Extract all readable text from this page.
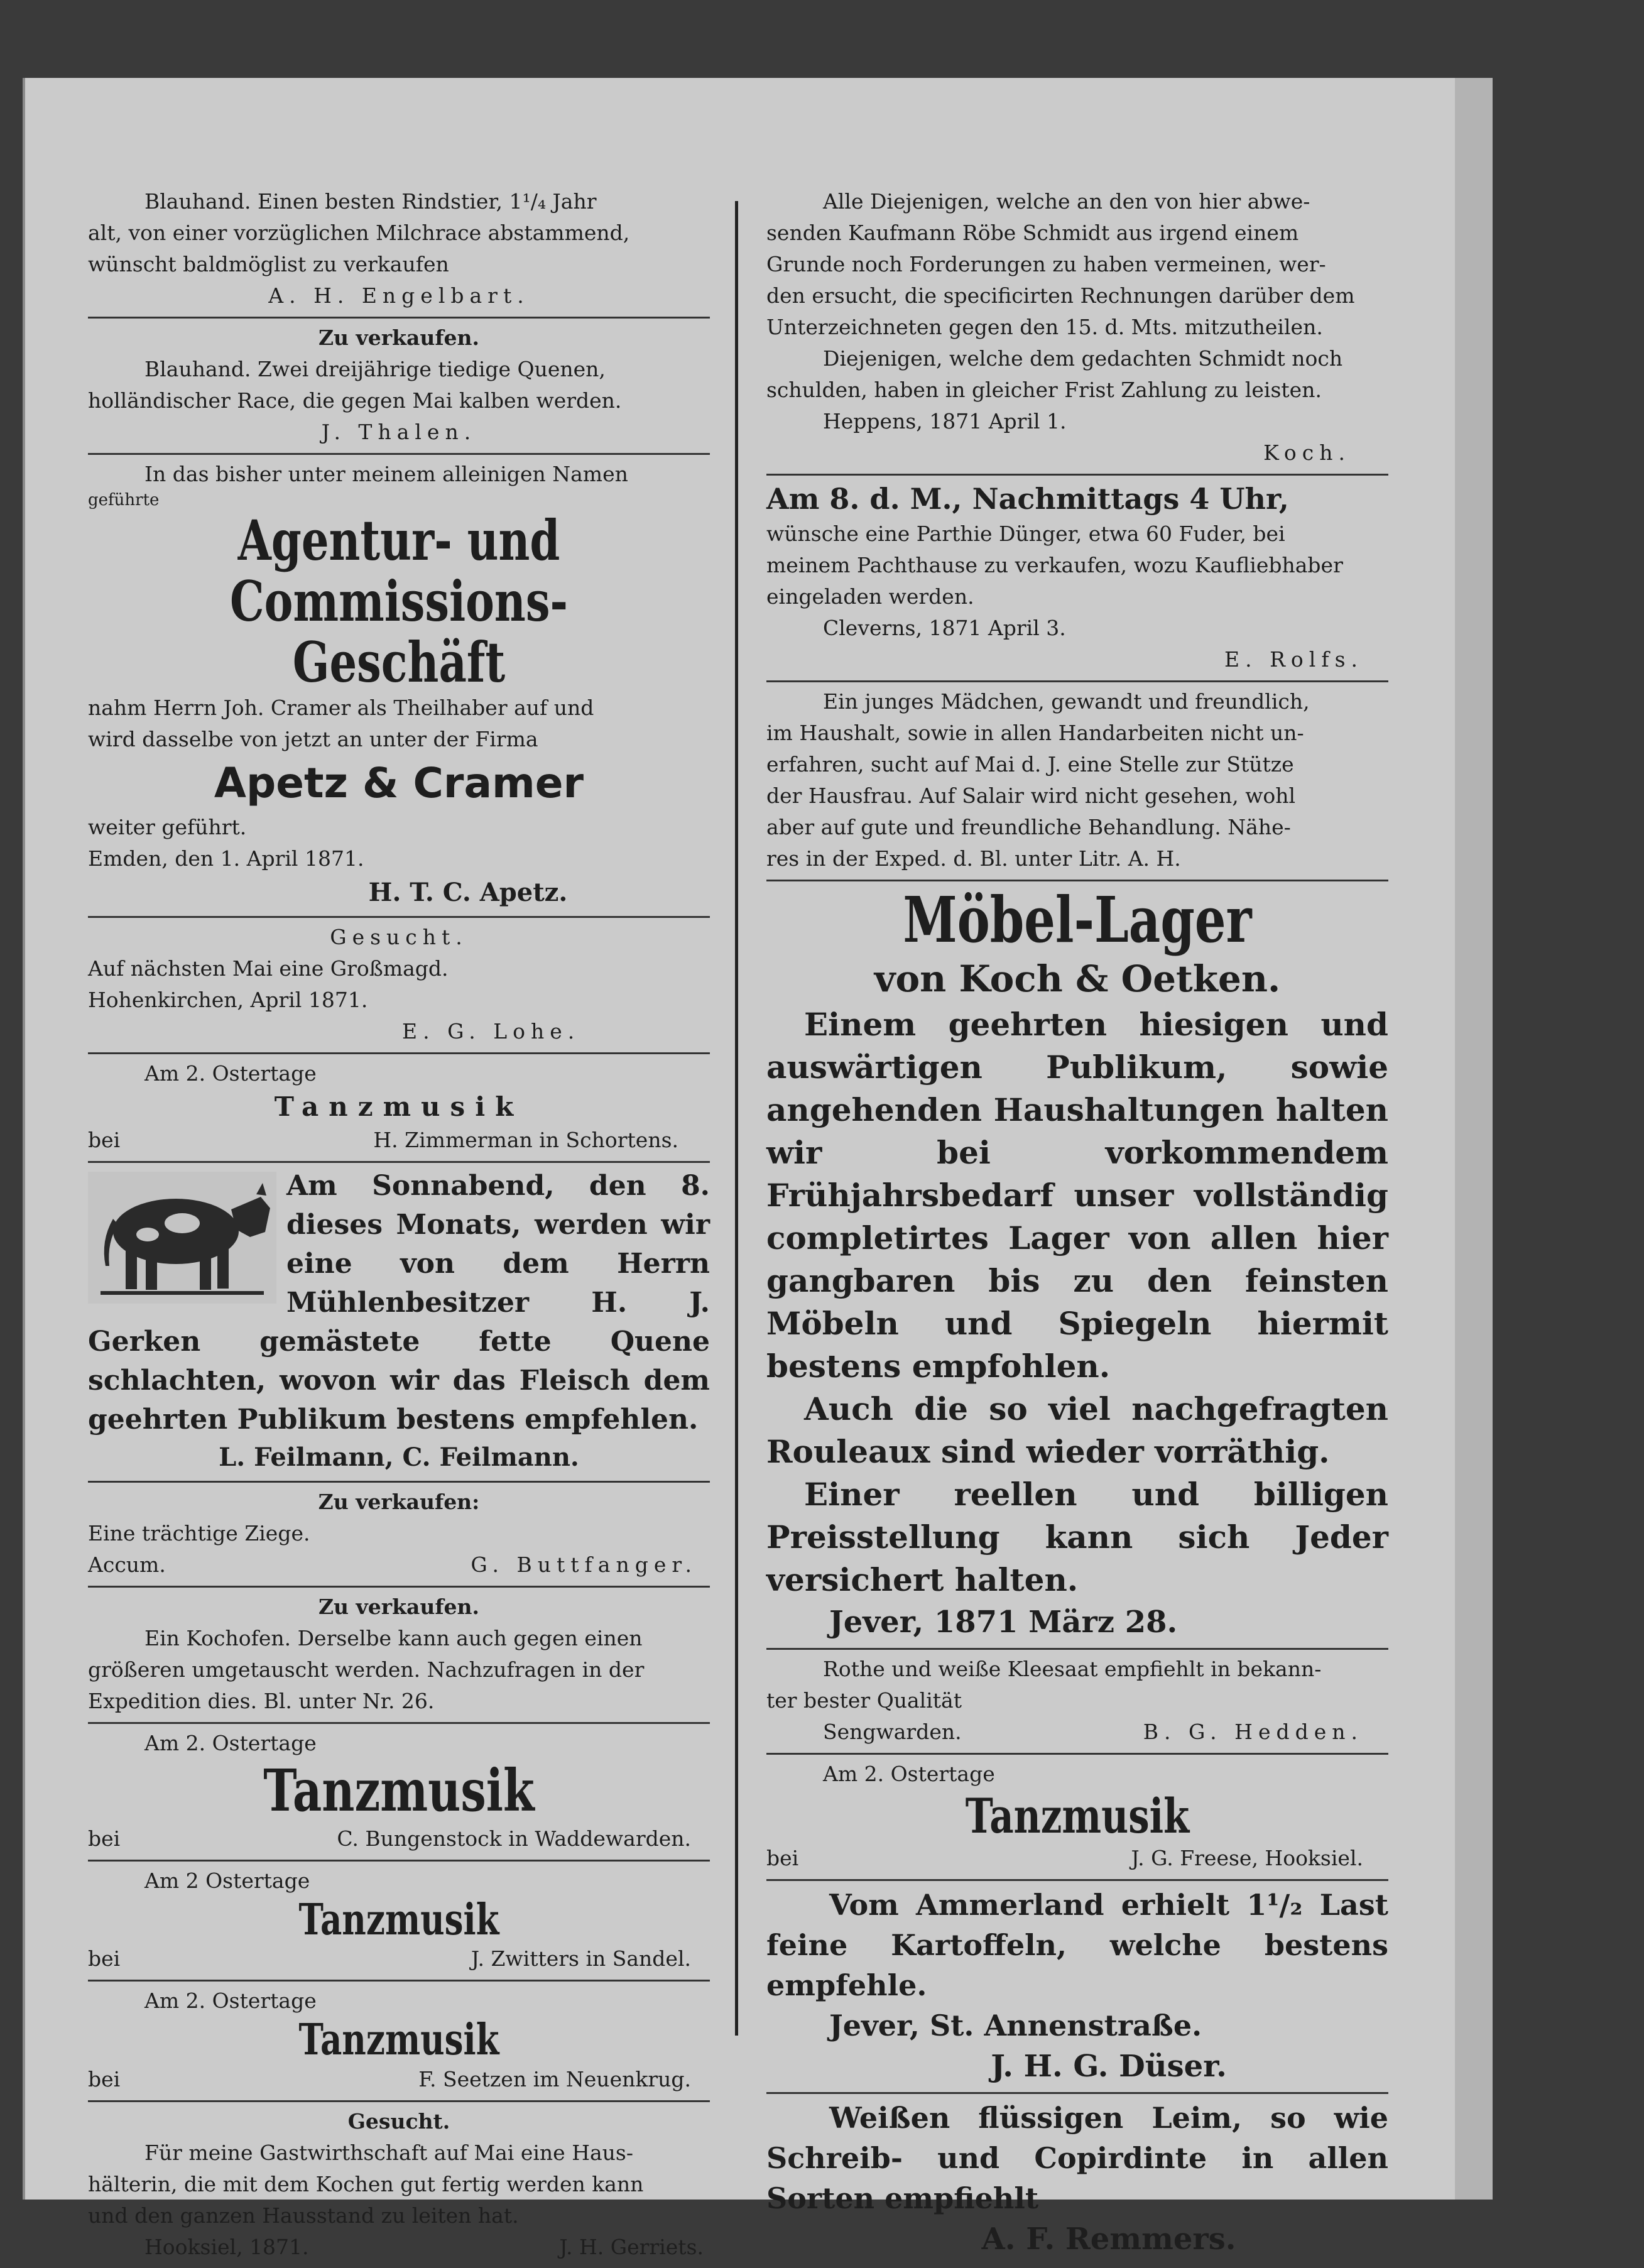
Blauhand. Einen besten Rindstier, 1¹/₄ Jahr
alt, von einer vorzüglichen Milchrace abstammend,
wünscht baldmöglist zu verkaufen
A. H. Engelbart.
Zu verkaufen.
Blauhand. Zwei dreijährige tiedige Quenen,
holländischer Race, die gegen Mai kalben werden.
J. Thalen.
In das bisher unter meinem alleinigen Namen
geführte
Agentur- und Commissions-
Geschäft
nahm Herrn Joh. Cramer als Theilhaber auf und
wird dasselbe von jetzt an unter der Firma
Apetz & Cramer
weiter geführt.
Emden, den 1. April 1871.
H. T. C. Apetz.
Gesucht.
Auf nächsten Mai eine Großmagd.
Hohenkirchen, April 1871.
E. G. Lohe.
Am 2. Ostertage
Tanzmusik
bei	H. Zimmerman in Schortens.
Am Sonnabend, den 8. dieses Monats, werden wir eine von dem Herrn Mühlenbesitzer H. J. Gerken gemästete fette Quene schlachten, wovon wir das Fleisch dem geehrten Publikum bestens empfehlen.
L. Feilmann, C. Feilmann.
Zu verkaufen:
Eine trächtige Ziege.
Accum.	G. Buttfanger.
Zu verkaufen.
Ein Kochofen. Derselbe kann auch gegen einen
größeren umgetauscht werden. Nachzufragen in der
Expedition dies. Bl. unter Nr. 26.
Am 2. Ostertage
Tanzmusik
bei	C. Bungenstock in Waddewarden.
Am 2 Ostertage
Tanzmusik
bei	J. Zwitters in Sandel.
Am 2. Ostertage
Tanzmusik
bei	F. Seetzen im Neuenkrug.
Gesucht.
Für meine Gastwirthschaft auf Mai eine Haus-
hälterin, die mit dem Kochen gut fertig werden kann
und den ganzen Hausstand zu leiten hat.
Hooksiel, 1871.	J. H. Gerriets.
Alle Diejenigen, welche an den von hier abwe-
senden Kaufmann Röbe Schmidt aus irgend einem
Grunde noch Forderungen zu haben vermeinen, wer-
den ersucht, die specificirten Rechnungen darüber dem
Unterzeichneten gegen den 15. d. Mts. mitzutheilen.
Diejenigen, welche dem gedachten Schmidt noch
schulden, haben in gleicher Frist Zahlung zu leisten.
Heppens, 1871 April 1.
Koch.
Am 8. d. M., Nachmittags 4 Uhr,
wünsche eine Parthie Dünger, etwa 60 Fuder, bei
meinem Pachthause zu verkaufen, wozu Kaufliebhaber
eingeladen werden.
Cleverns, 1871 April 3.
E. Rolfs.
Ein junges Mädchen, gewandt und freundlich,
im Haushalt, sowie in allen Handarbeiten nicht un-
erfahren, sucht auf Mai d. J. eine Stelle zur Stütze
der Hausfrau. Auf Salair wird nicht gesehen, wohl
aber auf gute und freundliche Behandlung. Nähe-
res in der Exped. d. Bl. unter Litr. A. H.
Möbel-Lager
von Koch & Oetken.
Einem geehrten hiesigen und auswärtigen Publikum, sowie angehenden Haushaltungen halten wir bei vorkommendem Frühjahrsbedarf unser vollständig completirtes Lager von allen hier gangbaren bis zu den feinsten Möbeln und Spiegeln hiermit bestens empfohlen.
Auch die so viel nachgefragten Rouleaux sind wieder vorräthig.
Einer reellen und billigen Preisstellung kann sich Jeder versichert halten.
Jever, 1871 März 28.
Rothe und weiße Kleesaat empfiehlt in bekann-
ter bester Qualität
Sengwarden.	B. G. Hedden.
Am 2. Ostertage
Tanzmusik
bei	J. G. Freese, Hooksiel.
Vom Ammerland erhielt 1¹/₂ Last feine Kartoffeln, welche bestens empfehle.
Jever, St. Annenstraße.
J. H. G. Düser.
Weißen flüssigen Leim, so wie Schreib- und Copirdinte in allen Sorten empfiehlt
A. F. Remmers.
